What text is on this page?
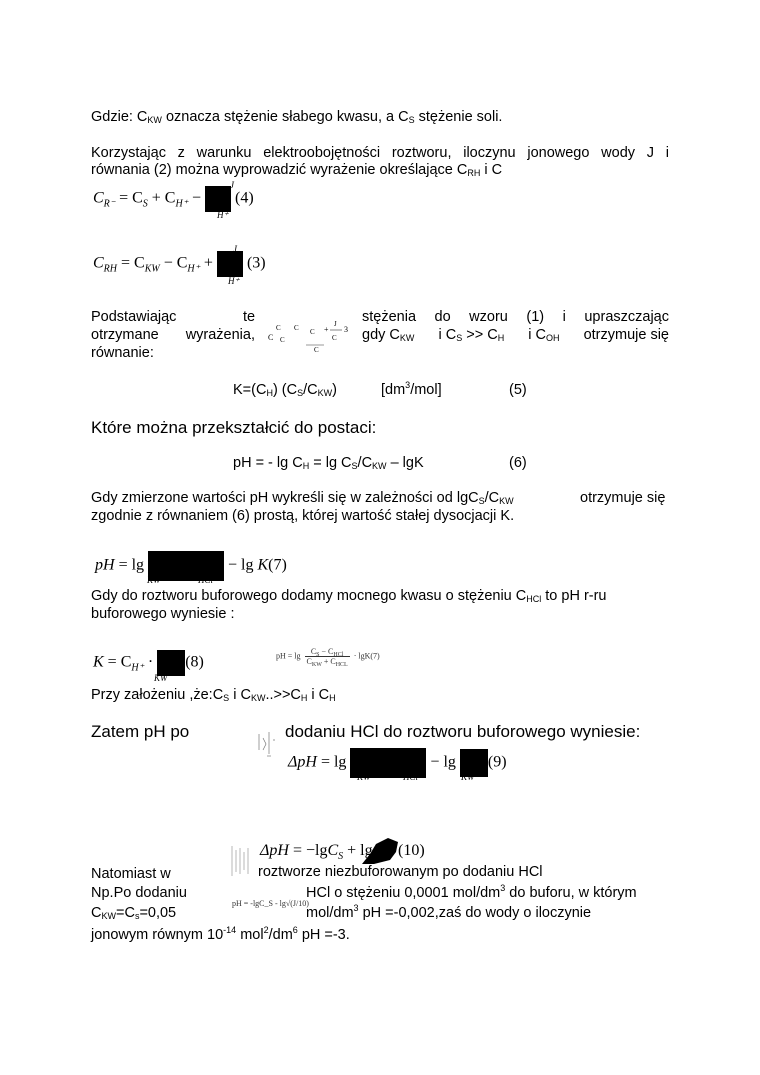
Gdzie: $C_{KW}$ oznacza stężenie słabego kwasu, a $C_S$ stężenie soli.
Korzystając z warunku elektroobojętności roztworu, iloczynu jonowego wody J i
równania (2) można wyprowadzić wyrażenie określające $C_{RH}$ i C
$C_{R^-} = C_S + C_{H^+} - (4)$
H⁺
$C_{RH} = C_{KW} - C_{H^+} + (3)$
H⁺
Podstawiając	te	stężenia do wzoru (1) i upraszczając
otrzymane wyrażenia, C
C
C
C C +
J
C
3
C
gdy $C_{KW}$ i $C_S >> C_H$ i $C_{OH}$ otrzymuje się
równanie:
$K=(C_H)$ $(C_S/C_{KW})$	$[dm^3/mol]$	(5)
Które można przekształcić do postaci:
pH = - $\lg C_H = \lg C_S/C_{KW} - \lg K$	(6)
Gdy zmierzone wartości pH wykreśli się w zależności od $\lg C_S/C_{KW}$	otrzymuje się
zgodnie z równaniem (6) prostą, której wartość stałej dysocjacji K.
pH = lg	− lg K(7)
KW	HCl
Gdy do roztworu buforowego dodamy mocnego kwasu o stężeniu $C_{HCl}$ to pH r-ru
buforowego wyniesie :
$K = C_{H^+} \cdot (8)$
KW
pH = lg	$C_S - C_{HCl}$
$C_{KW} + C_{HCL}$
· lgK(7)
Przy założeniu $,że:C_S$ i $C_{KW}..>>C_H$ i $C_H$
Zatem pH po	dodaniu HCl do roztworu buforowego wyniesie:
ΔpH = lg	− lg (9)
KW	HCl	KW
ΔpH = −lgC$_S$ + lg (10)
Natomiast w	roztworze niezbuforowanym po dodaniu HCl
Np.Po dodaniu	HCl o stężeniu 0,0001 mol/$dm^3$ do buforu, w którym
$C_{KW}=C_s=0,05$
pH = -lgC_S - lg√(J/10)
mol/$dm^3$ pH =-0,002,zaś do wody o iloczynie
jonowym równym $10^{-14}$ $mol^2/dm^6$ pH =-3.
J
J
